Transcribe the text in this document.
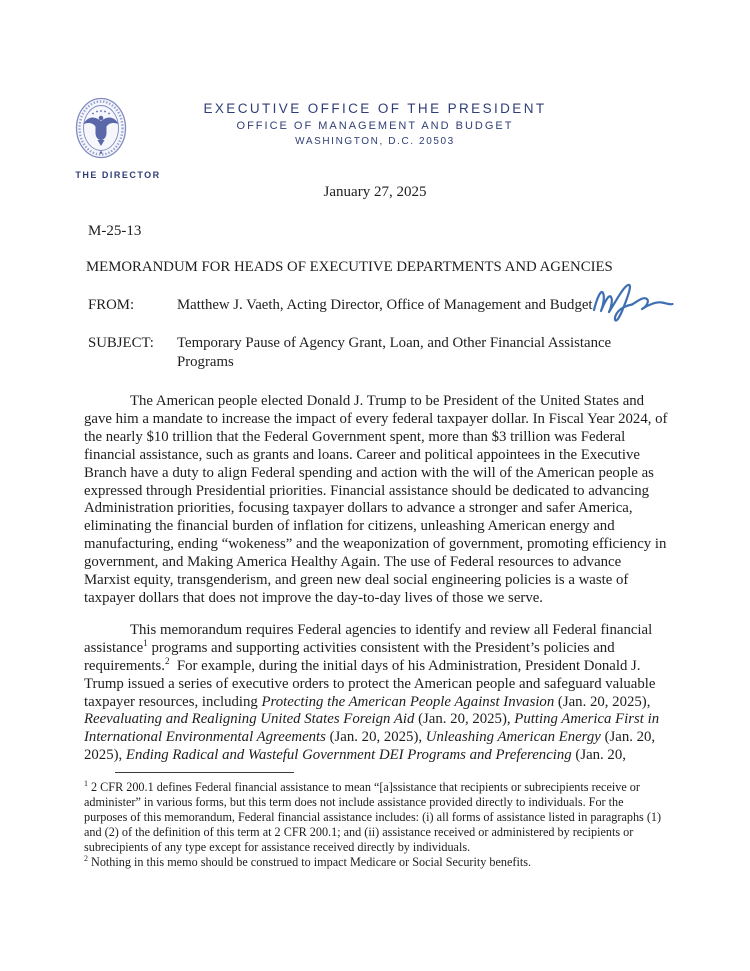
THE DIRECTOR
EXECUTIVE OFFICE OF THE PRESIDENT
OFFICE OF MANAGEMENT AND BUDGET
WASHINGTON, D.C. 20503
January 27, 2025
M-25-13
MEMORANDUM FOR HEADS OF EXECUTIVE DEPARTMENTS AND AGENCIES
FROM:	Matthew J. Vaeth, Acting Director, Office of Management and Budget
SUBJECT:	Temporary Pause of Agency Grant, Loan, and Other Financial Assistance Programs

The American people elected Donald J. Trump to be President of the United States and gave him a mandate to increase the impact of every federal taxpayer dollar. In Fiscal Year 2024, of the nearly $10 trillion that the Federal Government spent, more than $3 trillion was Federal financial assistance, such as grants and loans. Career and political appointees in the Executive Branch have a duty to align Federal spending and action with the will of the American people as expressed through Presidential priorities. Financial assistance should be dedicated to advancing Administration priorities, focusing taxpayer dollars to advance a stronger and safer America, eliminating the financial burden of inflation for citizens, unleashing American energy and manufacturing, ending “wokeness” and the weaponization of government, promoting efficiency in government, and Making America Healthy Again. The use of Federal resources to advance Marxist equity, transgenderism, and green new deal social engineering policies is a waste of taxpayer dollars that does not improve the day-to-day lives of those we serve.

This memorandum requires Federal agencies to identify and review all Federal financial assistance$^1$ programs and supporting activities consistent with the President’s policies and requirements.$^2$  For example, during the initial days of his Administration, President Donald J. Trump issued a series of executive orders to protect the American people and safeguard valuable taxpayer resources, including Protecting the American People Against Invasion (Jan. 20, 2025), Reevaluating and Realigning United States Foreign Aid (Jan. 20, 2025), Putting America First in International Environmental Agreements (Jan. 20, 2025), Unleashing American Energy (Jan. 20, 2025), Ending Radical and Wasteful Government DEI Programs and Preferencing (Jan. 20,

$^1$ 2 CFR 200.1 defines Federal financial assistance to mean “[a]ssistance that recipients or subrecipients receive or administer” in various forms, but this term does not include assistance provided directly to individuals. For the purposes of this memorandum, Federal financial assistance includes: (i) all forms of assistance listed in paragraphs (1) and (2) of the definition of this term at 2 CFR 200.1; and (ii) assistance received or administered by recipients or subrecipients of any type except for assistance received directly by individuals.

$^2$ Nothing in this memo should be construed to impact Medicare or Social Security benefits.
